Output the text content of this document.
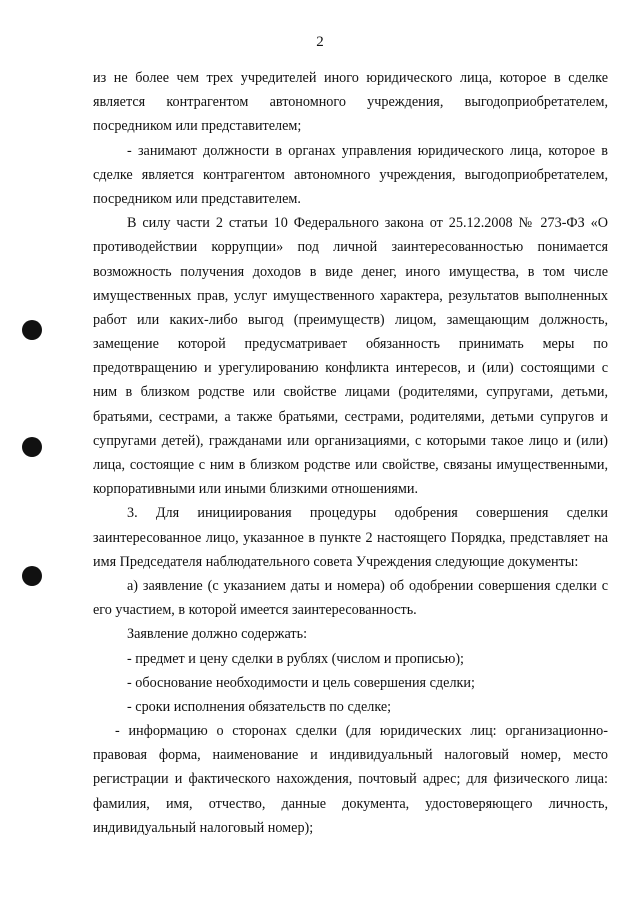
2
из не более чем трех учредителей иного юридического лица, которое в сделке
является контрагентом автономного учреждения, выгодоприобретателем,
посредником или представителем;
- занимают должности в органах управления юридического лица, которое в
сделке является контрагентом автономного учреждения, выгодоприобретателем,
посредником или представителем.
В силу части 2 статьи 10 Федерального закона от 25.12.2008 № 273-ФЗ «О
противодействии коррупции» под личной заинтересованностью понимается
возможность получения доходов в виде денег, иного имущества, в том числе
имущественных прав, услуг имущественного характера, результатов выполненных
работ или каких-либо выгод (преимуществ) лицом, замещающим должность,
замещение которой предусматривает обязанность принимать меры по
предотвращению и урегулированию конфликта интересов, и (или) состоящими с
ним в близком родстве или свойстве лицами (родителями, супругами, детьми,
братьями, сестрами, а также братьями, сестрами, родителями, детьми супругов и
супругами детей), гражданами или организациями, с которыми такое лицо и (или)
лица, состоящие с ним в близком родстве или свойстве, связаны имущественными,
корпоративными или иными близкими отношениями.
3. Для инициирования процедуры одобрения совершения сделки
заинтересованное лицо, указанное в пункте 2 настоящего Порядка, представляет на
имя Председателя наблюдательного совета Учреждения следующие документы:
а) заявление (с указанием даты и номера) об одобрении совершения сделки с
его участием, в которой имеется заинтересованность.
Заявление должно содержать:
- предмет и цену сделки в рублях (числом и прописью);
- обоснование необходимости и цель совершения сделки;
- сроки исполнения обязательств по сделке;
- информацию о сторонах сделки (для юридических лиц: организационно-
правовая форма, наименование и индивидуальный налоговый номер, место
регистрации и фактического нахождения, почтовый адрес; для физического лица:
фамилия, имя, отчество, данные документа, удостоверяющего личность,
индивидуальный налоговый номер);
